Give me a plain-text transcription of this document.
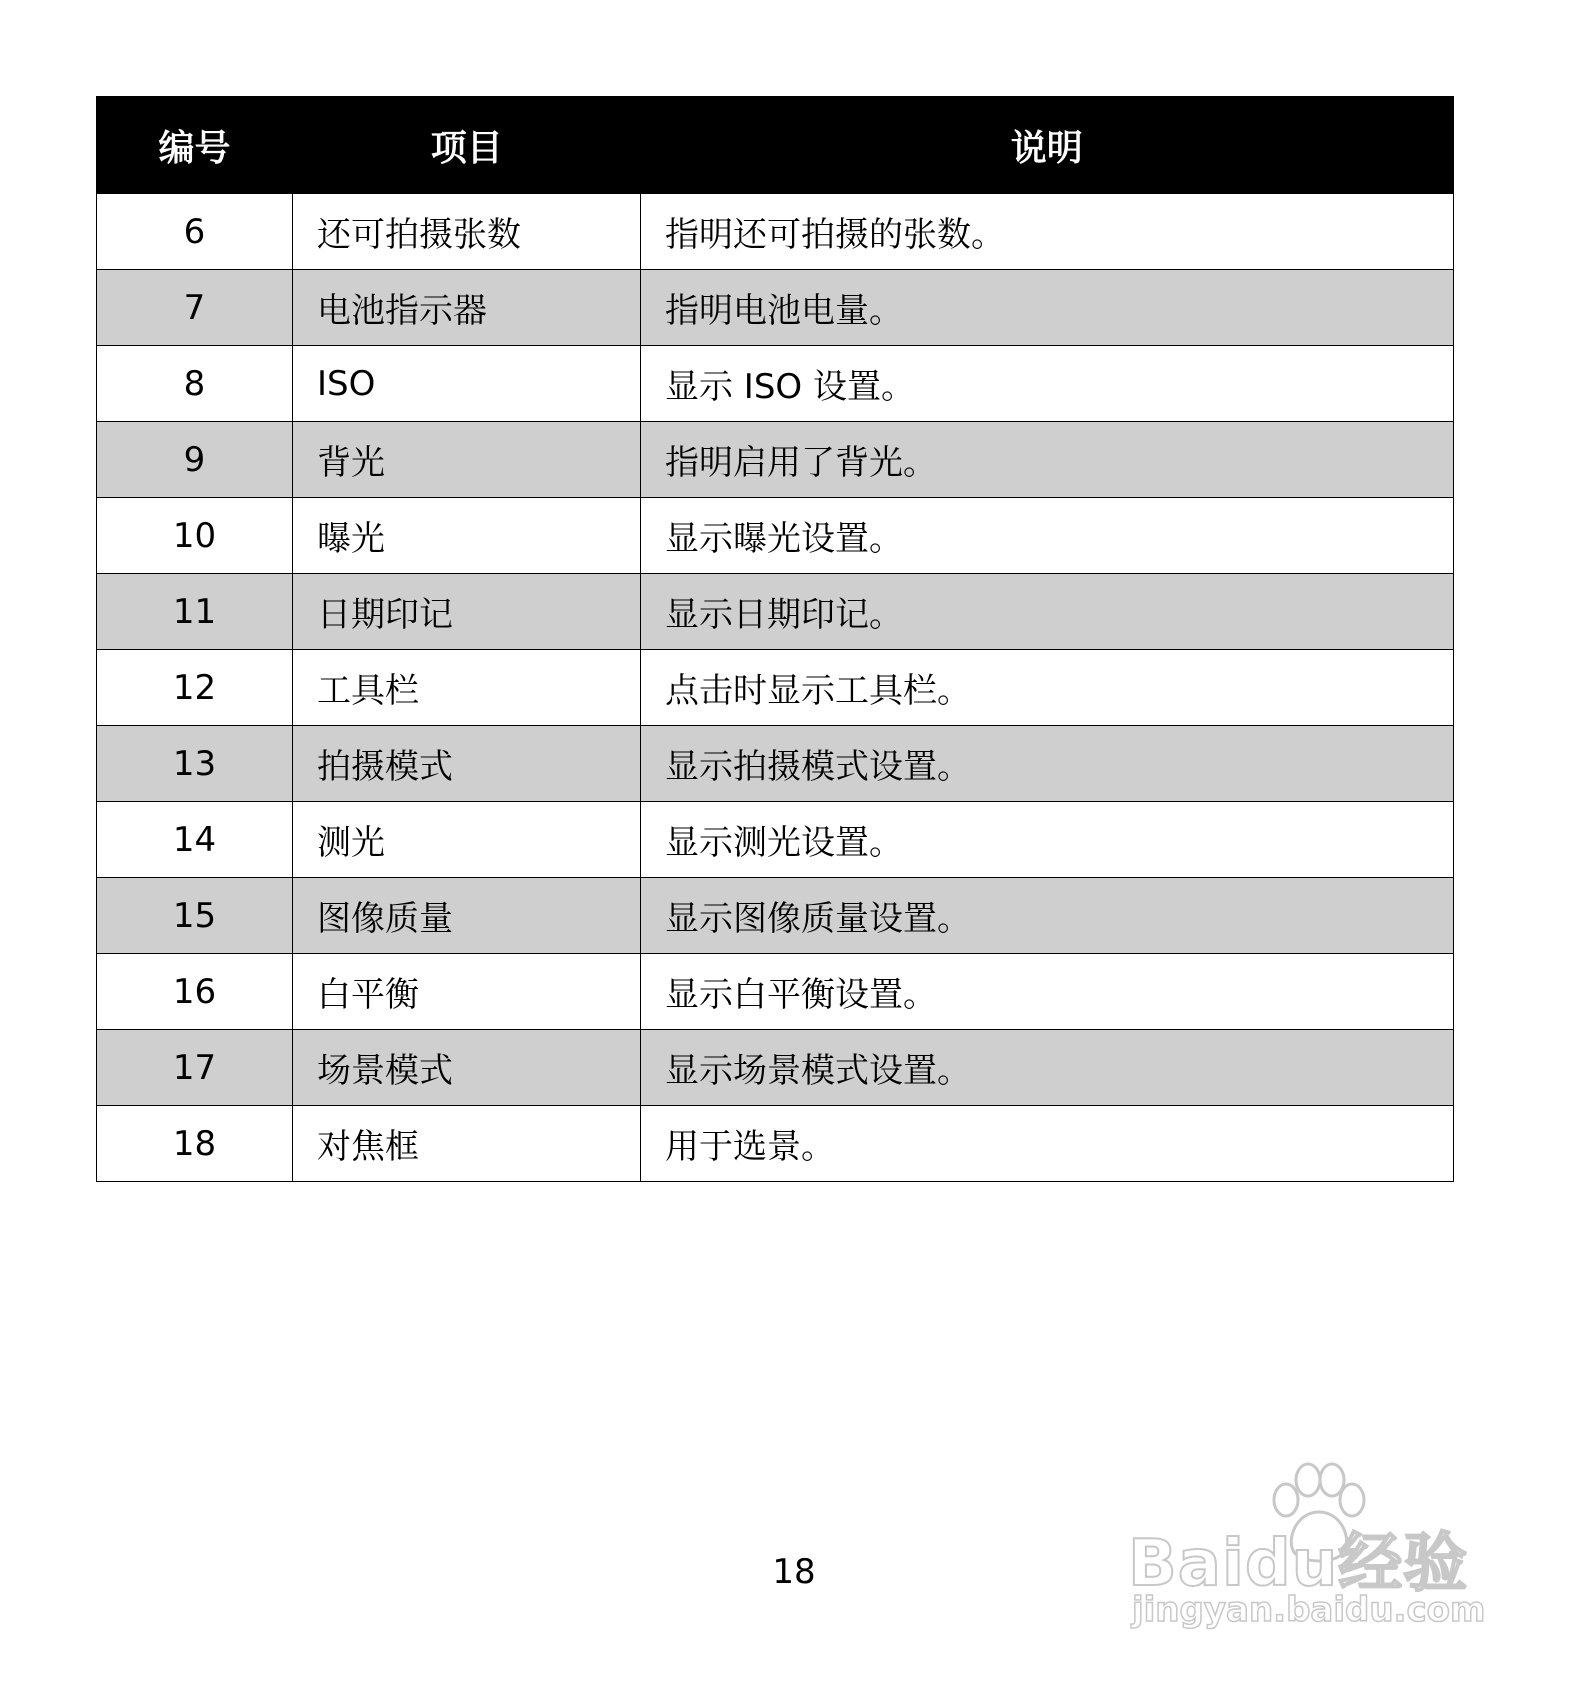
编号	项目	说明
6	还可拍摄张数	指明还可拍摄的张数。
7	电池指示器	指明电池电量。
8	ISO	显示 ISO 设置。
9	背光	指明启用了背光。
10	曝光	显示曝光设置。
11	日期印记	显示日期印记。
12	工具栏	点击时显示工具栏。
13	拍摄模式	显示拍摄模式设置。
14	测光	显示测光设置。
15	图像质量	显示图像质量设置。
16	白平衡	显示白平衡设置。
17	场景模式	显示场景模式设置。
18	对焦框	用于选景。
18	Baidu经验
jingyan.baidu.com
